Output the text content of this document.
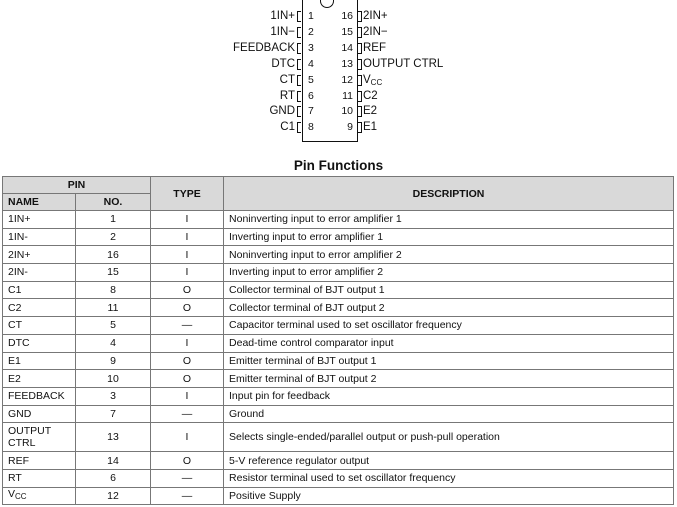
1IN+ 1
1IN− 2
FEEDBACK 3
DTC 4
CT 5
RT 6
GND 7
C1 8
2IN+
16
2IN−
15
REF
14
OUTPUT CTRL
13
$V_{CC}$
12
C2
11
E2
10
E1
9
Pin Functions
PIN		TYPE	DESCRIPTION
NAME	NO.		
1IN+	1	I	Noninverting input to error amplifier 1
1IN-	2	I	Inverting input to error amplifier 1
2IN+	16	I	Noninverting input to error amplifier 2
2IN-	15	I	Inverting input to error amplifier 2
C1	8	O	Collector terminal of BJT output 1
C2	11	O	Collector terminal of BJT output 2
CT	5	—	Capacitor terminal used to set oscillator frequency
DTC	4	I	Dead-time control comparator input
E1	9	O	Emitter terminal of BJT output 1
E2	10	O	Emitter terminal of BJT output 2
FEEDBACK	3	I	Input pin for feedback
GND	7	—	Ground
OUTPUT
CTRL	13	I	Selects single-ended/parallel output or push-pull operation
REF	14	O	5-V reference regulator output
RT	6	—	Resistor terminal used to set oscillator frequency
$V_{CC}$	12	—	Positive Supply
